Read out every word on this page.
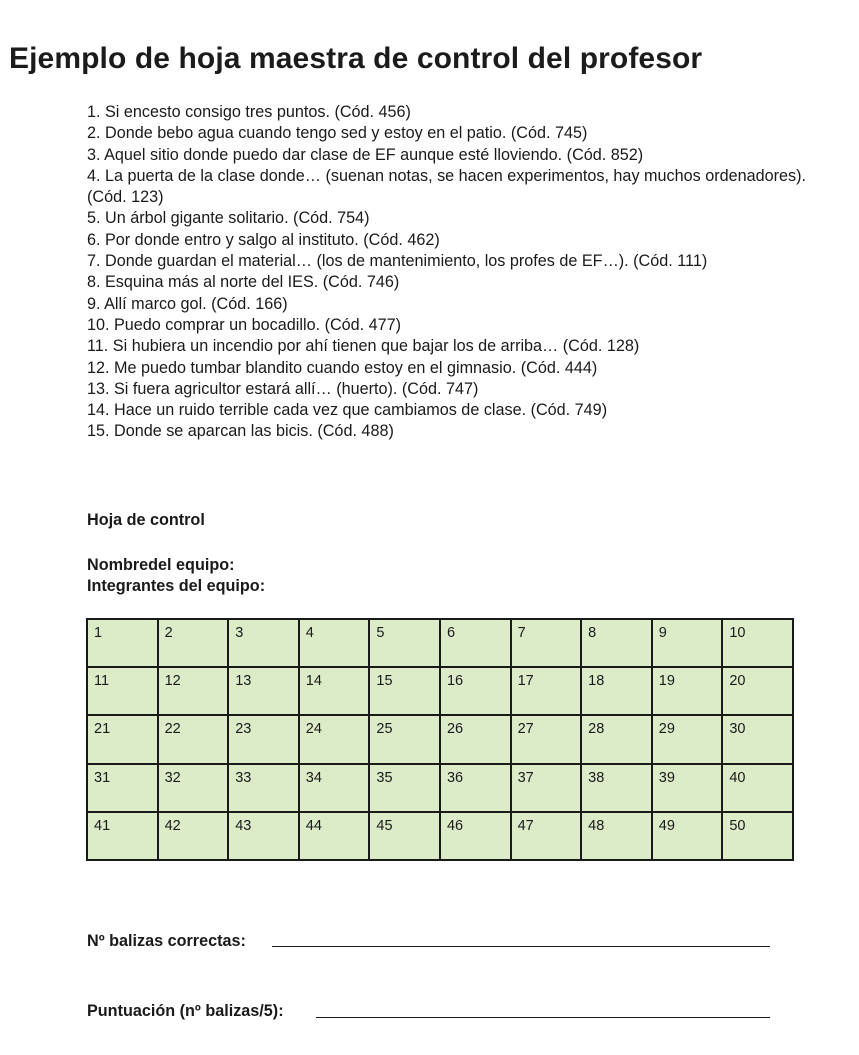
Ejemplo de hoja maestra de control del profesor
1. Si encesto consigo tres puntos. (Cód. 456)
2. Donde bebo agua cuando tengo sed y estoy en el patio. (Cód. 745)
3. Aquel sitio donde puedo dar clase de EF aunque esté lloviendo. (Cód. 852)
4. La puerta de la clase donde… (suenan notas, se hacen experimentos, hay muchos ordenadores). (Cód. 123)
5. Un árbol gigante solitario. (Cód. 754)
6. Por donde entro y salgo al instituto. (Cód. 462)
7. Donde guardan el material… (los de mantenimiento, los profes de EF…). (Cód. 111)
8. Esquina más al norte del IES. (Cód. 746)
9. Allí marco gol. (Cód. 166)
10. Puedo comprar un bocadillo. (Cód. 477)
11. Si hubiera un incendio por ahí tienen que bajar los de arriba… (Cód. 128)
12. Me puedo tumbar blandito cuando estoy en el gimnasio. (Cód. 444)
13. Si fuera agricultor estará allí… (huerto). (Cód. 747)
14. Hace un ruido terrible cada vez que cambiamos de clase. (Cód. 749)
15. Donde se aparcan las bicis. (Cód. 488)
Hoja de control
Nombredel equipo:
Integrantes del equipo:
1	2	3	4	5	6	7	8	9	10
11	12	13	14	15	16	17	18	19	20
21	22	23	24	25	26	27	28	29	30
31	32	33	34	35	36	37	38	39	40
41	42	43	44	45	46	47	48	49	50
Nº balizas correctas:
Puntuación (nº balizas/5):
